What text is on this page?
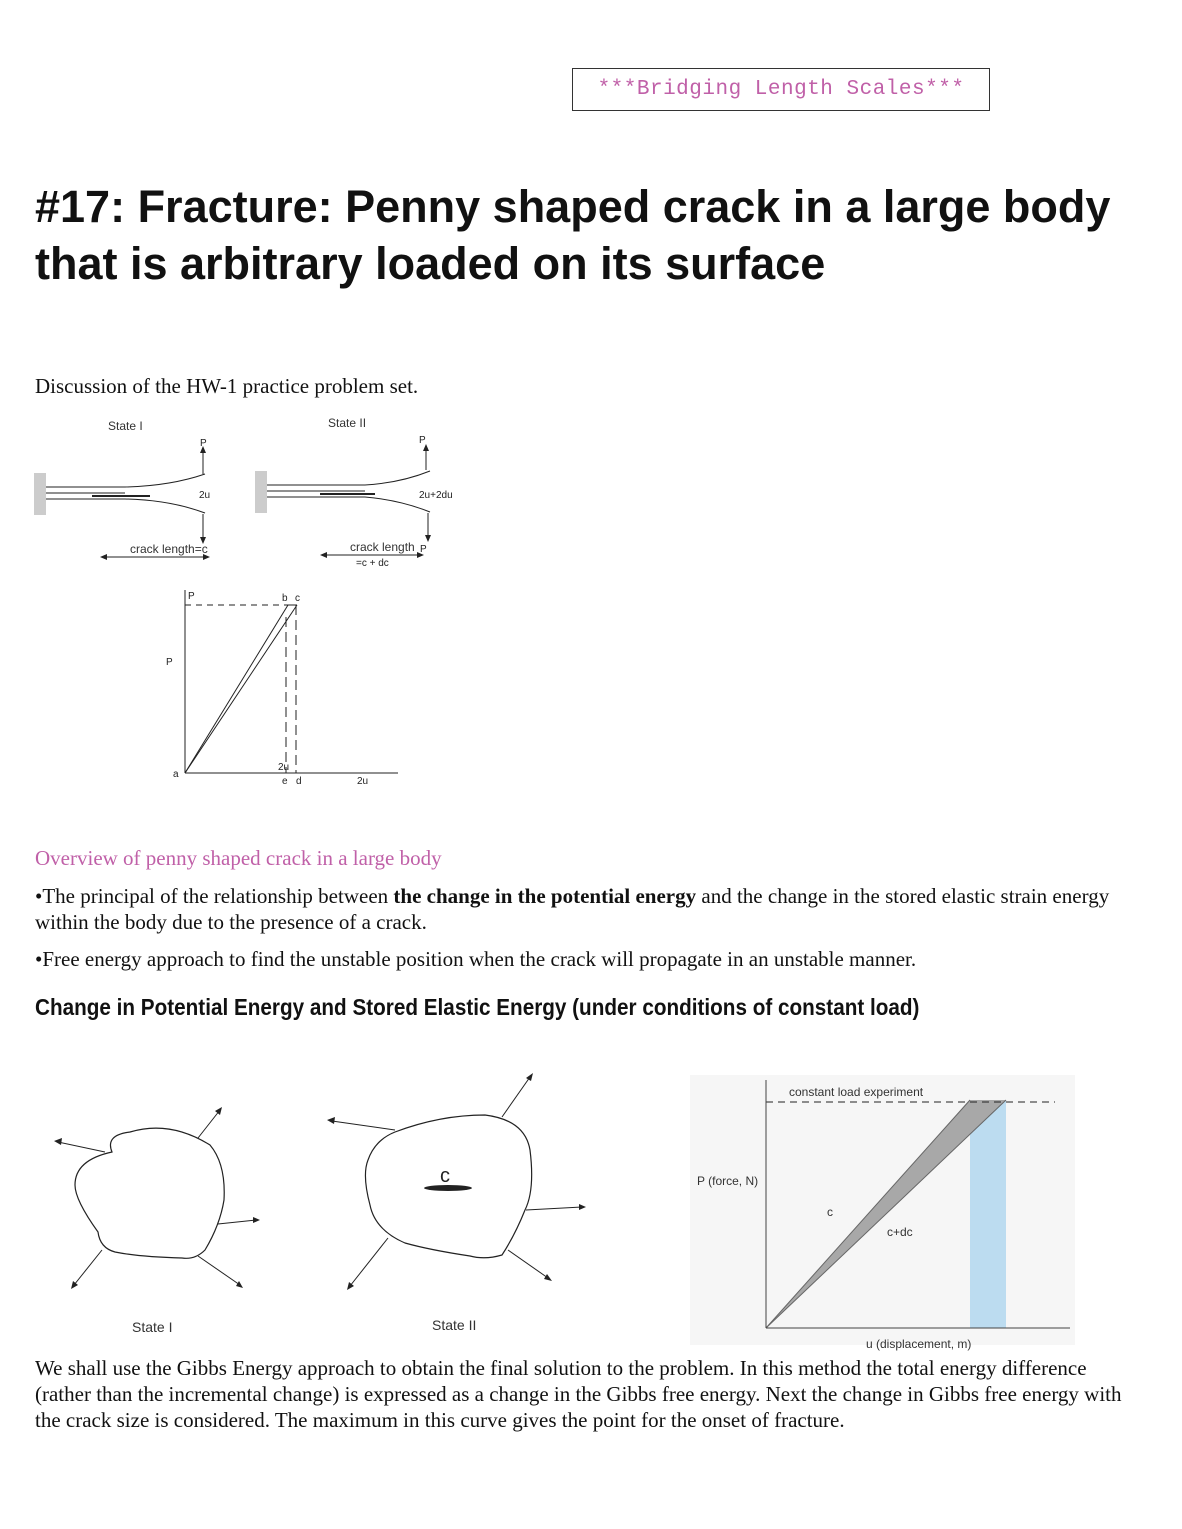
***Bridging Length Scales***
#17: Fracture: Penny shaped crack in a large body
that is arbitrary loaded on its surface
Discussion of the HW-1 practice problem set.
State I	State II
P
2u
crack length=c
P
2u+2du
P
crack length
=c + dc
P
P
a
b c
2u
e d	2u
Overview of penny shaped crack in a large body
•The principal of the relationship between the change in the potential energy and the change in the stored elastic strain energy within the body due to the presence of a crack.
•Free energy approach to find the unstable position when the crack will propagate in an unstable manner.
Change in Potential Energy and Stored Elastic Energy (under conditions of constant load)
State I
c
State II
constant load experiment
P (force, N)
u (displacement, m)
c
c+dc
We shall use the Gibbs Energy approach to obtain the final solution to the problem. In this method the total energy difference (rather than the incremental change) is expressed as a change in the Gibbs free energy. Next the change in Gibbs free energy with the crack size is considered. The maximum in this curve gives the point for the onset of fracture.
